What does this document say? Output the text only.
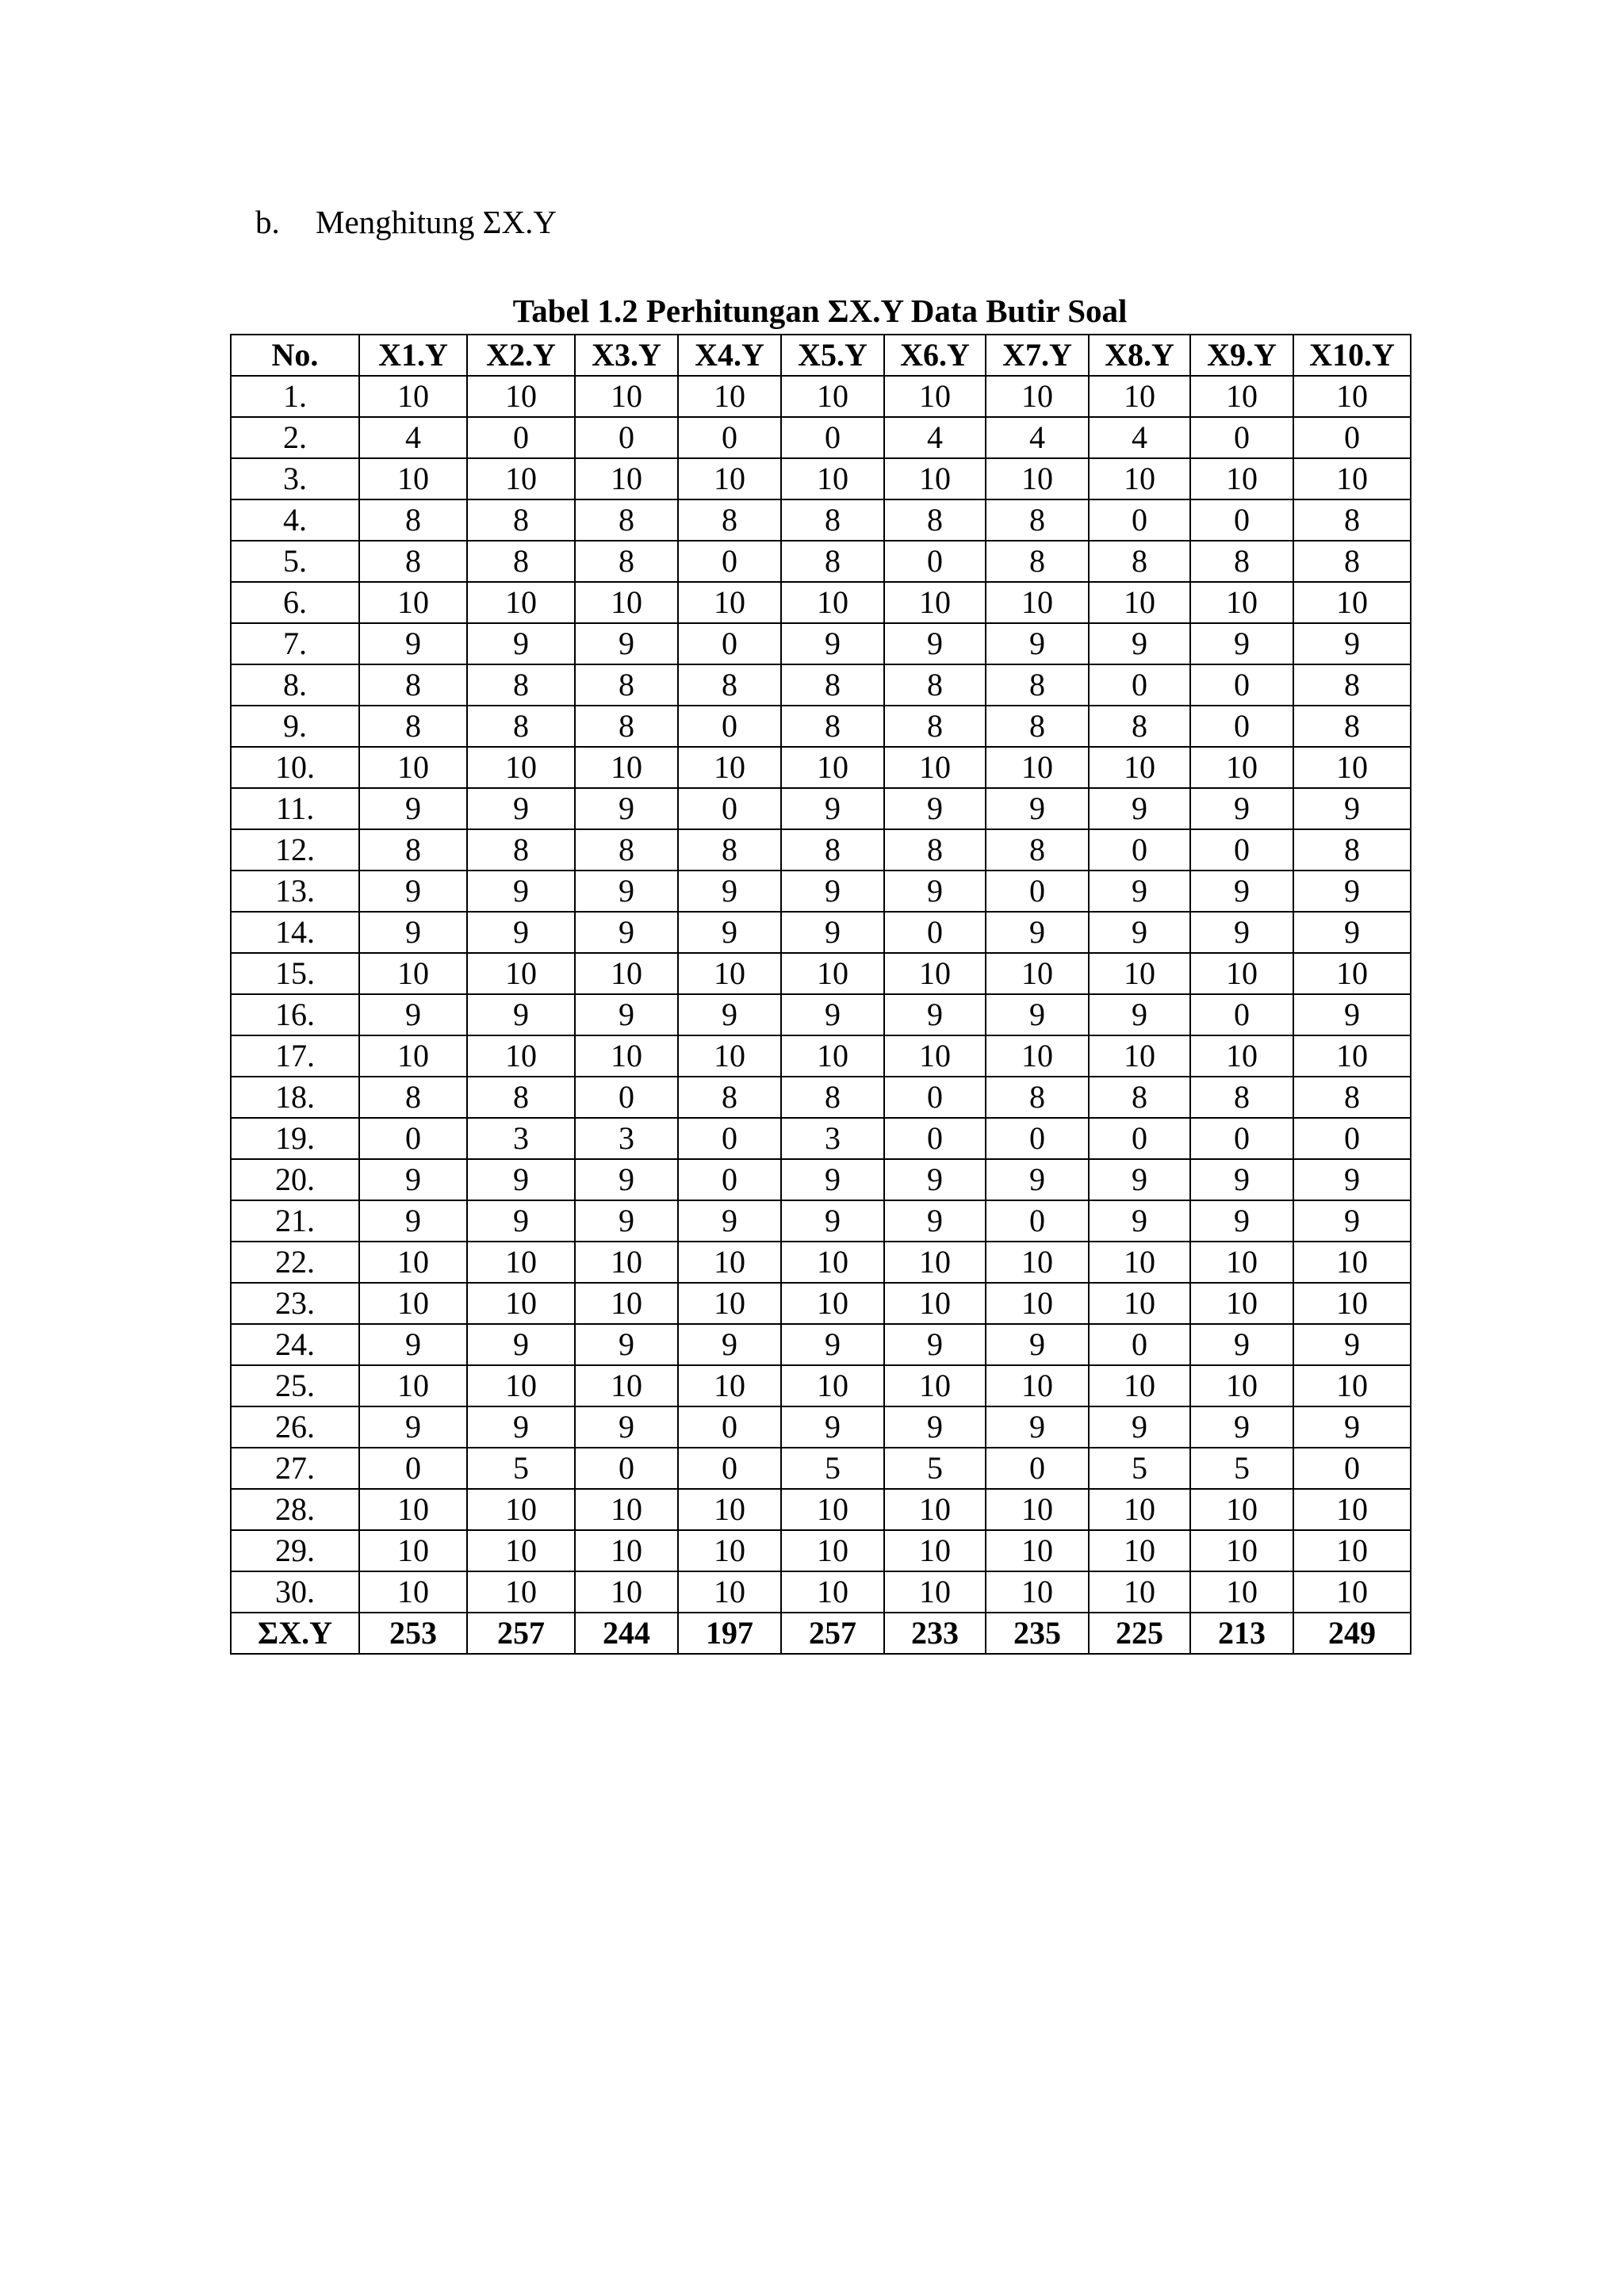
b. Menghitung ΣX.Y
Tabel 1.2 Perhitungan ΣX.Y Data Butir Soal
No.	X1.Y	X2.Y	X3.Y	X4.Y	X5.Y	X6.Y	X7.Y	X8.Y	X9.Y	X10.Y
1.	10	10	10	10	10	10	10	10	10	10
2.	4	0	0	0	0	4	4	4	0	0
3.	10	10	10	10	10	10	10	10	10	10
4.	8	8	8	8	8	8	8	0	0	8
5.	8	8	8	0	8	0	8	8	8	8
6.	10	10	10	10	10	10	10	10	10	10
7.	9	9	9	0	9	9	9	9	9	9
8.	8	8	8	8	8	8	8	0	0	8
9.	8	8	8	0	8	8	8	8	0	8
10.	10	10	10	10	10	10	10	10	10	10
11.	9	9	9	0	9	9	9	9	9	9
12.	8	8	8	8	8	8	8	0	0	8
13.	9	9	9	9	9	9	0	9	9	9
14.	9	9	9	9	9	0	9	9	9	9
15.	10	10	10	10	10	10	10	10	10	10
16.	9	9	9	9	9	9	9	9	0	9
17.	10	10	10	10	10	10	10	10	10	10
18.	8	8	0	8	8	0	8	8	8	8
19.	0	3	3	0	3	0	0	0	0	0
20.	9	9	9	0	9	9	9	9	9	9
21.	9	9	9	9	9	9	0	9	9	9
22.	10	10	10	10	10	10	10	10	10	10
23.	10	10	10	10	10	10	10	10	10	10
24.	9	9	9	9	9	9	9	0	9	9
25.	10	10	10	10	10	10	10	10	10	10
26.	9	9	9	0	9	9	9	9	9	9
27.	0	5	0	0	5	5	0	5	5	0
28.	10	10	10	10	10	10	10	10	10	10
29.	10	10	10	10	10	10	10	10	10	10
30.	10	10	10	10	10	10	10	10	10	10
ΣX.Y	253	257	244	197	257	233	235	225	213	249
